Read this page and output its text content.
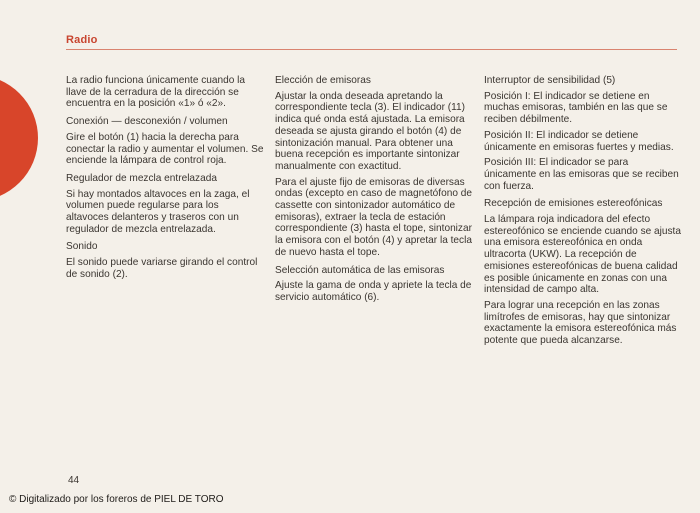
Radio

La radio funciona únicamente cuando la llave de la cerradura de la dirección se encuentra en la posición «1» ó «2».

Conexión — desconexión / volumen

Gire el botón (1) hacia la derecha para conectar la radio y aumentar el volumen. Se enciende la lámpara de control roja.

Regulador de mezcla entrelazada

Si hay montados altavoces en la zaga, el volumen puede regularse para los altavoces delanteros y traseros con un regulador de mezcla entrelazada.

Sonido

El sonido puede variarse girando el control de sonido (2).

Elección de emisoras

Ajustar la onda deseada apretando la correspondiente tecla (3). El indicador (11) indica qué onda está ajustada. La emisora deseada se ajusta girando el botón (4) de sintonización manual. Para obtener una buena recepción es importante sintonizar manualmente con exactitud.

Para el ajuste fijo de emisoras de diversas ondas (excepto en caso de magnetófono de cassette con sintonizador automático de emisoras), extraer la tecla de estación correspondiente (3) hasta el tope, sintonizar la emisora con el botón (4) y apretar la tecla de nuevo hasta el tope.

Selección automática de las emisoras

Ajuste la gama de onda y apriete la tecla de servicio automático (6).

Interruptor de sensibilidad (5)

Posición I: El indicador se detiene en muchas emisoras, también en las que se reciben débilmente.

Posición II: El indicador se detiene únicamente en emisoras fuertes y medias.

Posición III: El indicador se para únicamente en las emisoras que se reciben con fuerza.

Recepción de emisiones estereofónicas

La lámpara roja indicadora del efecto estereofónico se enciende cuando se ajusta una emisora estereofónica en onda ultracorta (UKW). La recepción de emisiones estereofónicas de buena calidad es posible únicamente en zonas con una intensidad de campo alta.

Para lograr una recepción en las zonas limítrofes de emisoras, hay que sintonizar exactamente la emisora estereofónica más potente que pueda alcanzarse.

44
© Digitalizado por los foreros de PIEL DE TORO
